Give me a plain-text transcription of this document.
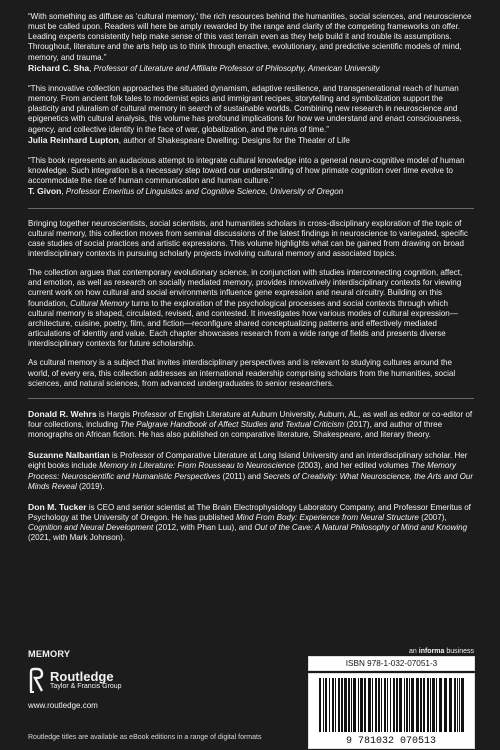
“With something as diffuse as ‘cultural memory,’ the rich resources behind the humanities, social sciences, and neuroscience must be called upon. Readers will here be amply rewarded by the range and clarity of the competing frameworks on offer. Leading experts consistently help make sense of this vast terrain even as they help build it and trouble its assumptions. Throughout, literature and the arts help us to think through enactive, evolutionary, and predictive scientific models of mind, memory, and trauma.”

Richard C. Sha, Professor of Literature and Affiliate Professor of Philosophy, American University

“This innovative collection approaches the situated dynamism, adaptive resilience, and transgenerational reach of human memory. From ancient folk tales to modernist epics and immigrant recipes, storytelling and symbolization support the plasticity and pluralism of cultural memory in search of sustainable worlds. Combining new research in neuroscience and epigenetics with cultural analysis, this volume has profound implications for how we understand and enact consciousness, agency, and collective identity in the face of war, globalization, and the ruins of time.”

Julia Reinhard Lupton, author of Shakespeare Dwelling: Designs for the Theater of Life

“This book represents an audacious attempt to integrate cultural knowledge into a general neuro-cognitive model of human knowledge. Such integration is a necessary step toward our understanding of how primate cognition over time evolve to accommodate the rise of human communication and human culture.”

T. Givon, Professor Emeritus of Linguistics and Cognitive Science, University of Oregon

Bringing together neuroscientists, social scientists, and humanities scholars in cross-disciplinary exploration of the topic of cultural memory, this collection moves from seminal discussions of the latest findings in neuroscience to variegated, specific case studies of social practices and artistic expressions. This volume highlights what can be gained from drawing on broad interdisciplinary contexts in pursuing scholarly projects involving cultural memory and associated topics.

The collection argues that contemporary evolutionary science, in conjunction with studies interconnecting cognition, affect, and emotion, as well as research on socially mediated memory, provides innovatively interdisciplinary contexts for viewing current work on how cultural and social environments influence gene expression and neural circuitry. Building on this foundation, Cultural Memory turns to the exploration of the psychological processes and social contexts through which cultural memory is shaped, circulated, revised, and contested. It investigates how various modes of cultural expression—architecture, cuisine, poetry, film, and fiction—reconfigure shared conceptualizing patterns and effectively mediated articulations of identity and value. Each chapter showcases research from a wide range of fields and presents diverse interdisciplinary contexts for future scholarship.

As cultural memory is a subject that invites interdisciplinary perspectives and is relevant to studying cultures around the world, of every era, this collection addresses an international readership comprising scholars from the humanities, social sciences, and natural sciences, from advanced undergraduates to senior researchers.

Donald R. Wehrs is Hargis Professor of English Literature at Auburn University, Auburn, AL, as well as editor or co-editor of four collections, including The Palgrave Handbook of Affect Studies and Textual Criticism (2017), and author of three monographs on African fiction. He has also published on comparative literature, Shakespeare, and literary theory.

Suzanne Nalbantian is Professor of Comparative Literature at Long Island University and an interdisciplinary scholar. Her eight books include Memory in Literature: From Rousseau to Neuroscience (2003), and her edited volumes The Memory Process: Neuroscientific and Humanistic Perspectives (2011) and Secrets of Creativity: What Neuroscience, the Arts and Our Minds Reveal (2019).

Don M. Tucker is CEO and senior scientist at The Brain Electrophysiology Laboratory Company, and Professor Emeritus of Psychology at the University of Oregon. He has published Mind From Body: Experience from Neural Structure (2007), Cognition and Neural Development (2012, with Phan Luu), and Out of the Cave: A Natural Philosophy of Mind and Knowing (2021, with Mark Johnson).

MEMORY
Routledge
Taylor & Francis Group
www.routledge.com
Routledge titles are available as eBook editions in a range of digital formats
an informa business
ISBN 978-1-032-07051-3
9 781032 070513
